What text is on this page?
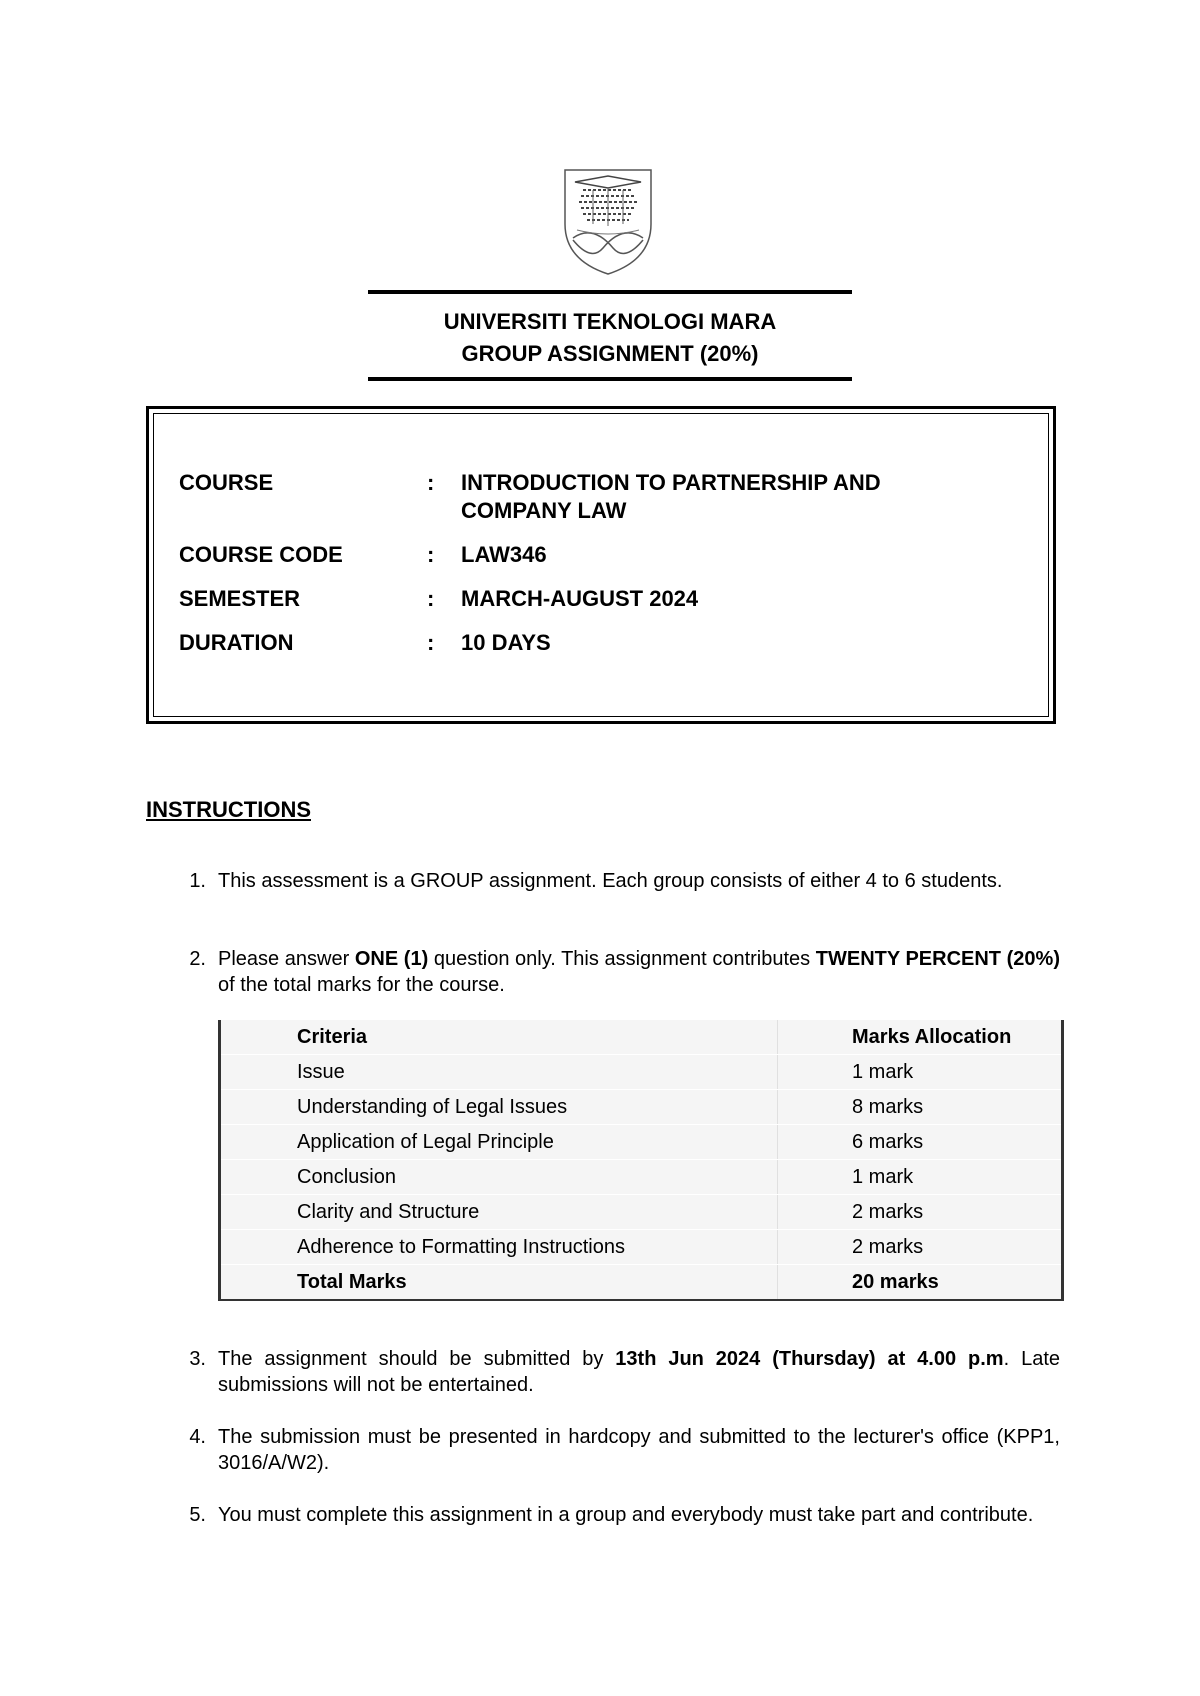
UNIVERSITI TEKNOLOGI MARA
GROUP ASSIGNMENT (20%)
COURSE	: INTRODUCTION TO PARTNERSHIP AND
COMPANY LAW
COURSE CODE	: LAW346
SEMESTER	: MARCH-AUGUST 2024
DURATION	: 10 DAYS
INSTRUCTIONS
1. This assessment is a GROUP assignment. Each group consists of either 4 to 6 students.
2. Please answer ONE (1) question only. This assignment contributes TWENTY PERCENT (20%) of the total marks for the course.
Criteria	Marks Allocation
Issue	1 mark
Understanding of Legal Issues	8 marks
Application of Legal Principle	6 marks
Conclusion	1 mark
Clarity and Structure	2 marks
Adherence to Formatting Instructions	2 marks
Total Marks	20 marks
3. The assignment should be submitted by 13th Jun 2024 (Thursday) at 4.00 p.m. Late submissions will not be entertained.
4. The submission must be presented in hardcopy and submitted to the lecturer's office (KPP1, 3016/A/W2).
5. You must complete this assignment in a group and everybody must take part and contribute.
